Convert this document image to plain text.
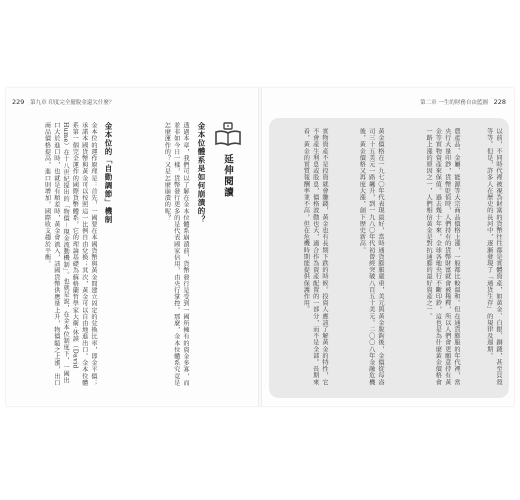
229 第九章 印度完全擺脫金還欠什麼？
延伸閱讀
金本位體系是如何崩潰的？
透過本章，我們可以了解在金本位體系崩潰前，貨幣發行是受到一國所擁有的資金多寡，而並非如今日一樣，貨幣發行更多的是代表國家信用，由央行掌控。那麼，金本位體系究竟是怎麼運作的？又是怎麼崩潰的呢？
金本位的「自動調節」機制
金本位的運作原理是：首先，一國要在本國貨幣與黃金間建立固定的兌換比率，即金平價；承諾本國貨幣與黃金可以按照這一比例自由兌換；其次，黃金可以自由地進出口。金本位體系第一個完全運作的國際貨幣體系，它的理論基礎為蘇格蘭哲學家大衛·休謨（David Hume）在十八世紀提出的「物價－現金流動機制」。也就是說，在金本位制度下，一國出口大於進口時，也就是有順差時，黃金會流入，該國貨幣供應量上升，物價隨之上漲，出口商品價格提高，進口則增加，國際收支趨於平衡。
第二章 一生的財務自由藍圖 228
以前，不同時代裡被視為財富的貨幣往往都是實體資產，如黃金、白銀、銅錢，甚至貝殼等等。但是，許多人在歷史的長河中，逐漸發現了「通貨生存」的規律及週期。
農產品、金屬、能源等大宗商品價格上漲，一般都比較溫和。但在通貨膨脹的年代裡，當央行大量印鈔，貨幣貶值時，人們持有的貨幣財富就會被稀釋，所以人們會更願意持有黃金等實物資產來保值。過去幾十年來，全球各地央行不斷印鈔，這也是為什麼黃金價格會一路上漲的原因之一，人們相信黃金是對抗通膨的最好資產之一。
黃金價格在一九七〇年代表現最好，當時通貨膨脹嚴重，美元與黃金脫鉤後，金價從每盎司三十五美元一路飆升，到一九八〇年代初曾經突破八百五十美元。二〇〇八年金融危機後，黃金價格又再度大漲，創下歷史新高。
實物資產不是投資就會賺錢，黃金也有長期下跌的時候。投資人應該了解黃金的特性，它不會產生利息或股息，價格波動也大，適合作為資產配置的一部分，而不是全部。長期來看，黃金的實質報酬率並不高，但在危機時期能提供保護作用。
